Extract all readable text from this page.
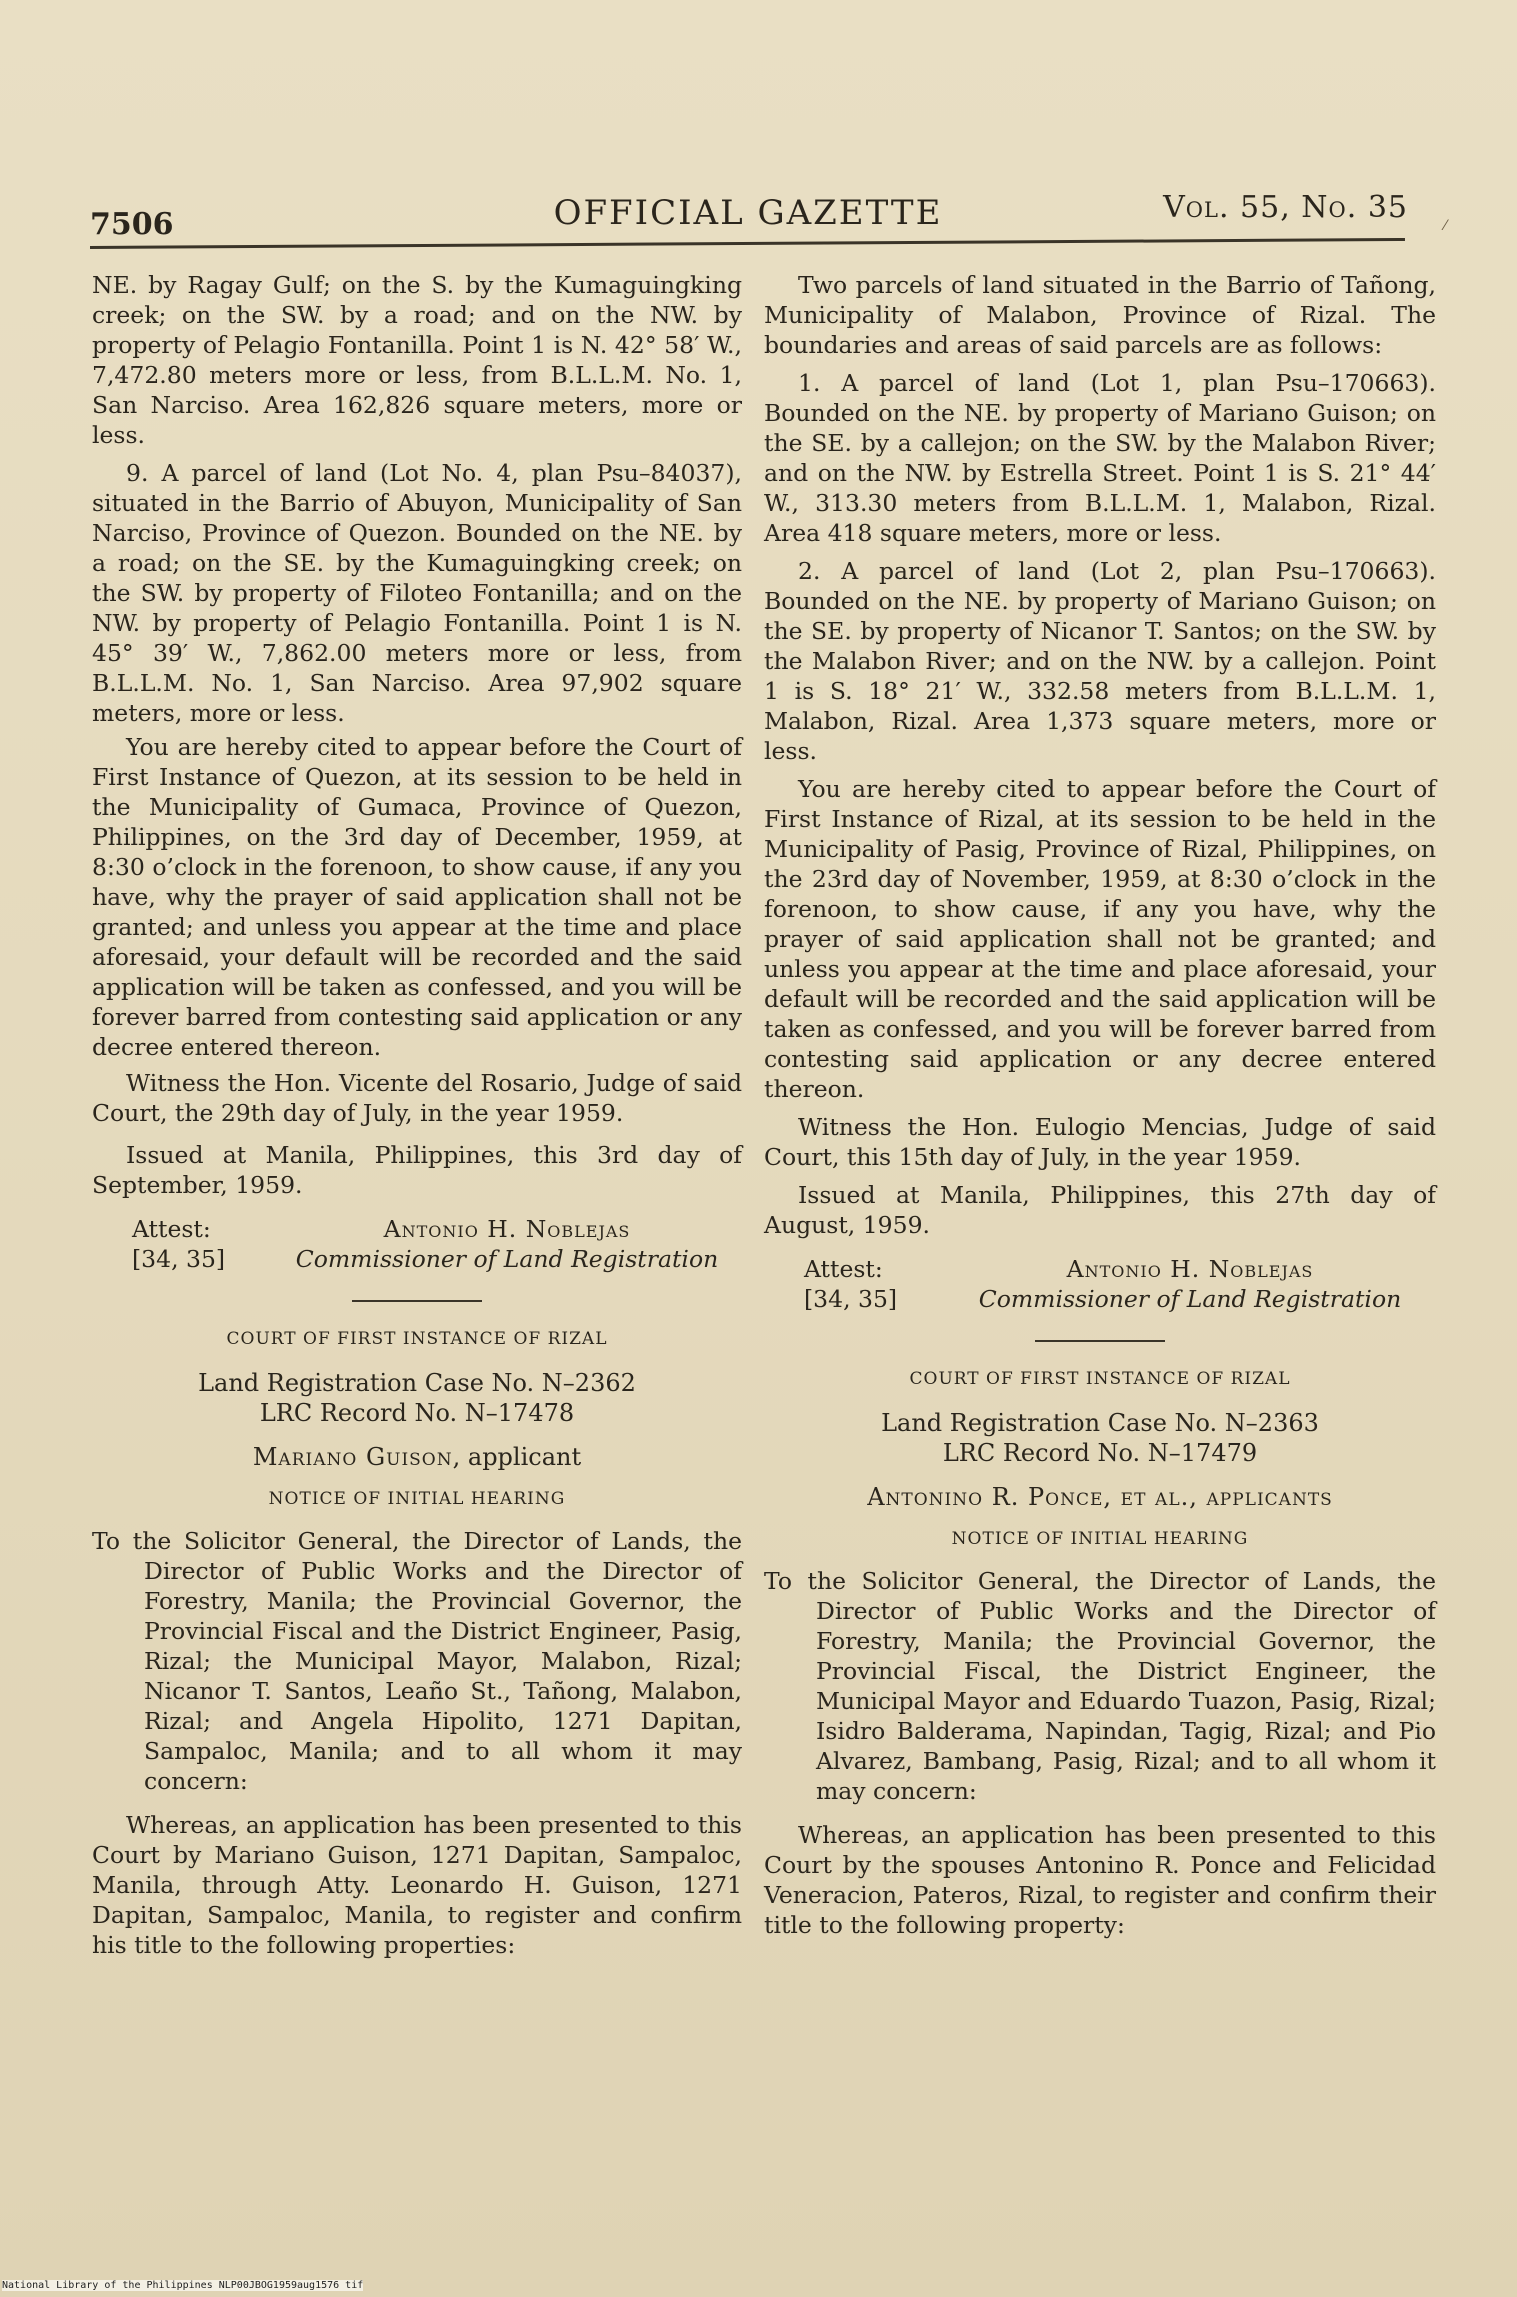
7506	OFFICIAL GAZETTE	Vol. 55, No. 35
⁄

NE. by Ragay Gulf; on the S. by the Kumaguingking creek; on the SW. by a road; and on the NW. by property of Pelagio Fontanilla. Point 1 is N. 42° 58′ W., 7,472.80 meters more or less, from B.L.L.M. No. 1, San Narciso. Area 162,826 square meters, more or less.

9. A parcel of land (Lot No. 4, plan Psu–84037), situated in the Barrio of Abuyon, Municipality of San Narciso, Province of Quezon. Bounded on the NE. by a road; on the SE. by the Kumaguingking creek; on the SW. by property of Filoteo Fontanilla; and on the NW. by property of Pelagio Fontanilla. Point 1 is N. 45° 39′ W., 7,862.00 meters more or less, from B.L.L.M. No. 1, San Narciso. Area 97,902 square meters, more or less.

You are hereby cited to appear before the Court of First Instance of Quezon, at its session to be held in the Municipality of Gumaca, Province of Quezon, Philippines, on the 3rd day of December, 1959, at 8:30 o’clock in the forenoon, to show cause, if any you have, why the prayer of said application shall not be granted; and unless you appear at the time and place aforesaid, your default will be recorded and the said application will be taken as confessed, and you will be forever barred from contesting said application or any decree entered thereon.

Witness the Hon. Vicente del Rosario, Judge of said Court, the 29th day of July, in the year 1959.

Issued at Manila, Philippines, this 3rd day of September, 1959.

Attest:
[34, 35]
Antonio H. Noblejas
Commissioner of Land Registration

COURT OF FIRST INSTANCE OF RIZAL

Land Registration Case No. N–2362
LRC Record No. N–17478
Mariano Guison, applicant

NOTICE OF INITIAL HEARING

To the Solicitor General, the Director of Lands, the Director of Public Works and the Director of Forestry, Manila; the Provincial Governor, the Provincial Fiscal and the District Engineer, Pasig, Rizal; the Municipal Mayor, Malabon, Rizal; Nicanor T. Santos, Leaño St., Tañong, Malabon, Rizal; and Angela Hipolito, 1271 Dapitan, Sampaloc, Manila; and to all whom it may concern:

Whereas, an application has been presented to this Court by Mariano Guison, 1271 Dapitan, Sampaloc, Manila, through Atty. Leonardo H. Guison, 1271 Dapitan, Sampaloc, Manila, to register and confirm his title to the following properties:

Two parcels of land situated in the Barrio of Tañong, Municipality of Malabon, Province of Rizal. The boundaries and areas of said parcels are as follows:

1. A parcel of land (Lot 1, plan Psu–170663). Bounded on the NE. by property of Mariano Guison; on the SE. by a callejon; on the SW. by the Malabon River; and on the NW. by Estrella Street. Point 1 is S. 21° 44′ W., 313.30 meters from B.L.L.M. 1, Malabon, Rizal. Area 418 square meters, more or less.

2. A parcel of land (Lot 2, plan Psu–170663). Bounded on the NE. by property of Mariano Guison; on the SE. by property of Nicanor T. Santos; on the SW. by the Malabon River; and on the NW. by a callejon. Point 1 is S. 18° 21′ W., 332.58 meters from B.L.L.M. 1, Malabon, Rizal. Area 1,373 square meters, more or less.

You are hereby cited to appear before the Court of First Instance of Rizal, at its session to be held in the Municipality of Pasig, Province of Rizal, Philippines, on the 23rd day of November, 1959, at 8:30 o’clock in the forenoon, to show cause, if any you have, why the prayer of said application shall not be granted; and unless you appear at the time and place aforesaid, your default will be recorded and the said application will be taken as confessed, and you will be forever barred from contesting said application or any decree entered thereon.

Witness the Hon. Eulogio Mencias, Judge of said Court, this 15th day of July, in the year 1959.

Issued at Manila, Philippines, this 27th day of August, 1959.

Attest:
[34, 35]
Antonio H. Noblejas
Commissioner of Land Registration

COURT OF FIRST INSTANCE OF RIZAL

Land Registration Case No. N–2363
LRC Record No. N–17479
Antonino R. Ponce, et al., applicants

NOTICE OF INITIAL HEARING

To the Solicitor General, the Director of Lands, the Director of Public Works and the Director of Forestry, Manila; the Provincial Governor, the Provincial Fiscal, the District Engineer, the Municipal Mayor and Eduardo Tuazon, Pasig, Rizal; Isidro Balderama, Napindan, Tagig, Rizal; and Pio Alvarez, Bambang, Pasig, Rizal; and to all whom it may concern:

Whereas, an application has been presented to this Court by the spouses Antonino R. Ponce and Felicidad Veneracion, Pateros, Rizal, to register and confirm their title to the following property:

National Library of the Philippines NLP00JBOG1959aug1576 tif
